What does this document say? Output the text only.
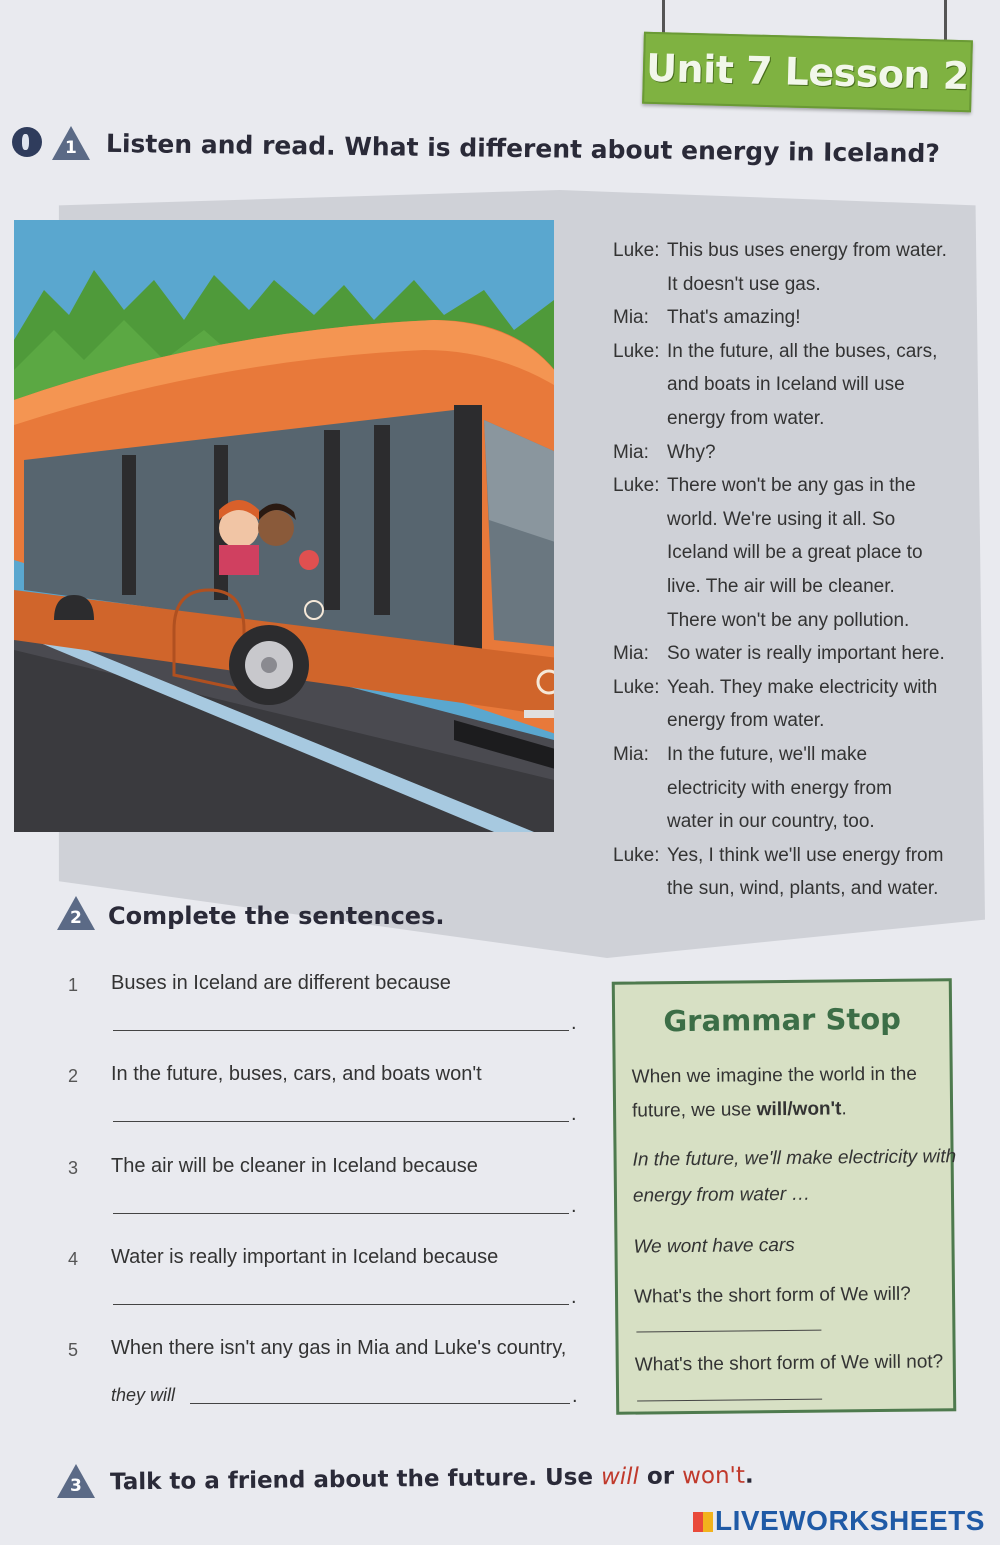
Unit 7 Lesson 2
1 Listen and read. What is different about energy in Iceland?
Luke: This bus uses energy from water.
It doesn't use gas.
Mia: That's amazing!
Luke: In the future, all the buses, cars,
and boats in Iceland will use
energy from water.
Mia: Why?
Luke: There won't be any gas in the
world. We're using it all. So
Iceland will be a great place to
live. The air will be cleaner.
There won't be any pollution.
Mia: So water is really important here.
Luke: Yeah. They make electricity with
energy from water.
Mia: In the future, we'll make
electricity with energy from
water in our country, too.
Luke: Yes, I think we'll use energy from
the sun, wind, plants, and water.
2 Complete the sentences.
1 Buses in Iceland are different because
.
2 In the future, buses, cars, and boats won't
.
3 The air will be cleaner in Iceland because
.
4 Water is really important in Iceland because
.
5 When there isn't any gas in Mia and Luke's country,
they will	.
Grammar Stop
When we imagine the world in the
future, we use will/won't.
In the future, we'll make electricity with
energy from water …
We wont have cars
What's the short form of We will?
What's the short form of We will not?
3 Talk to a friend about the future. Use will or won't.
LIVEWORKSHEETS
